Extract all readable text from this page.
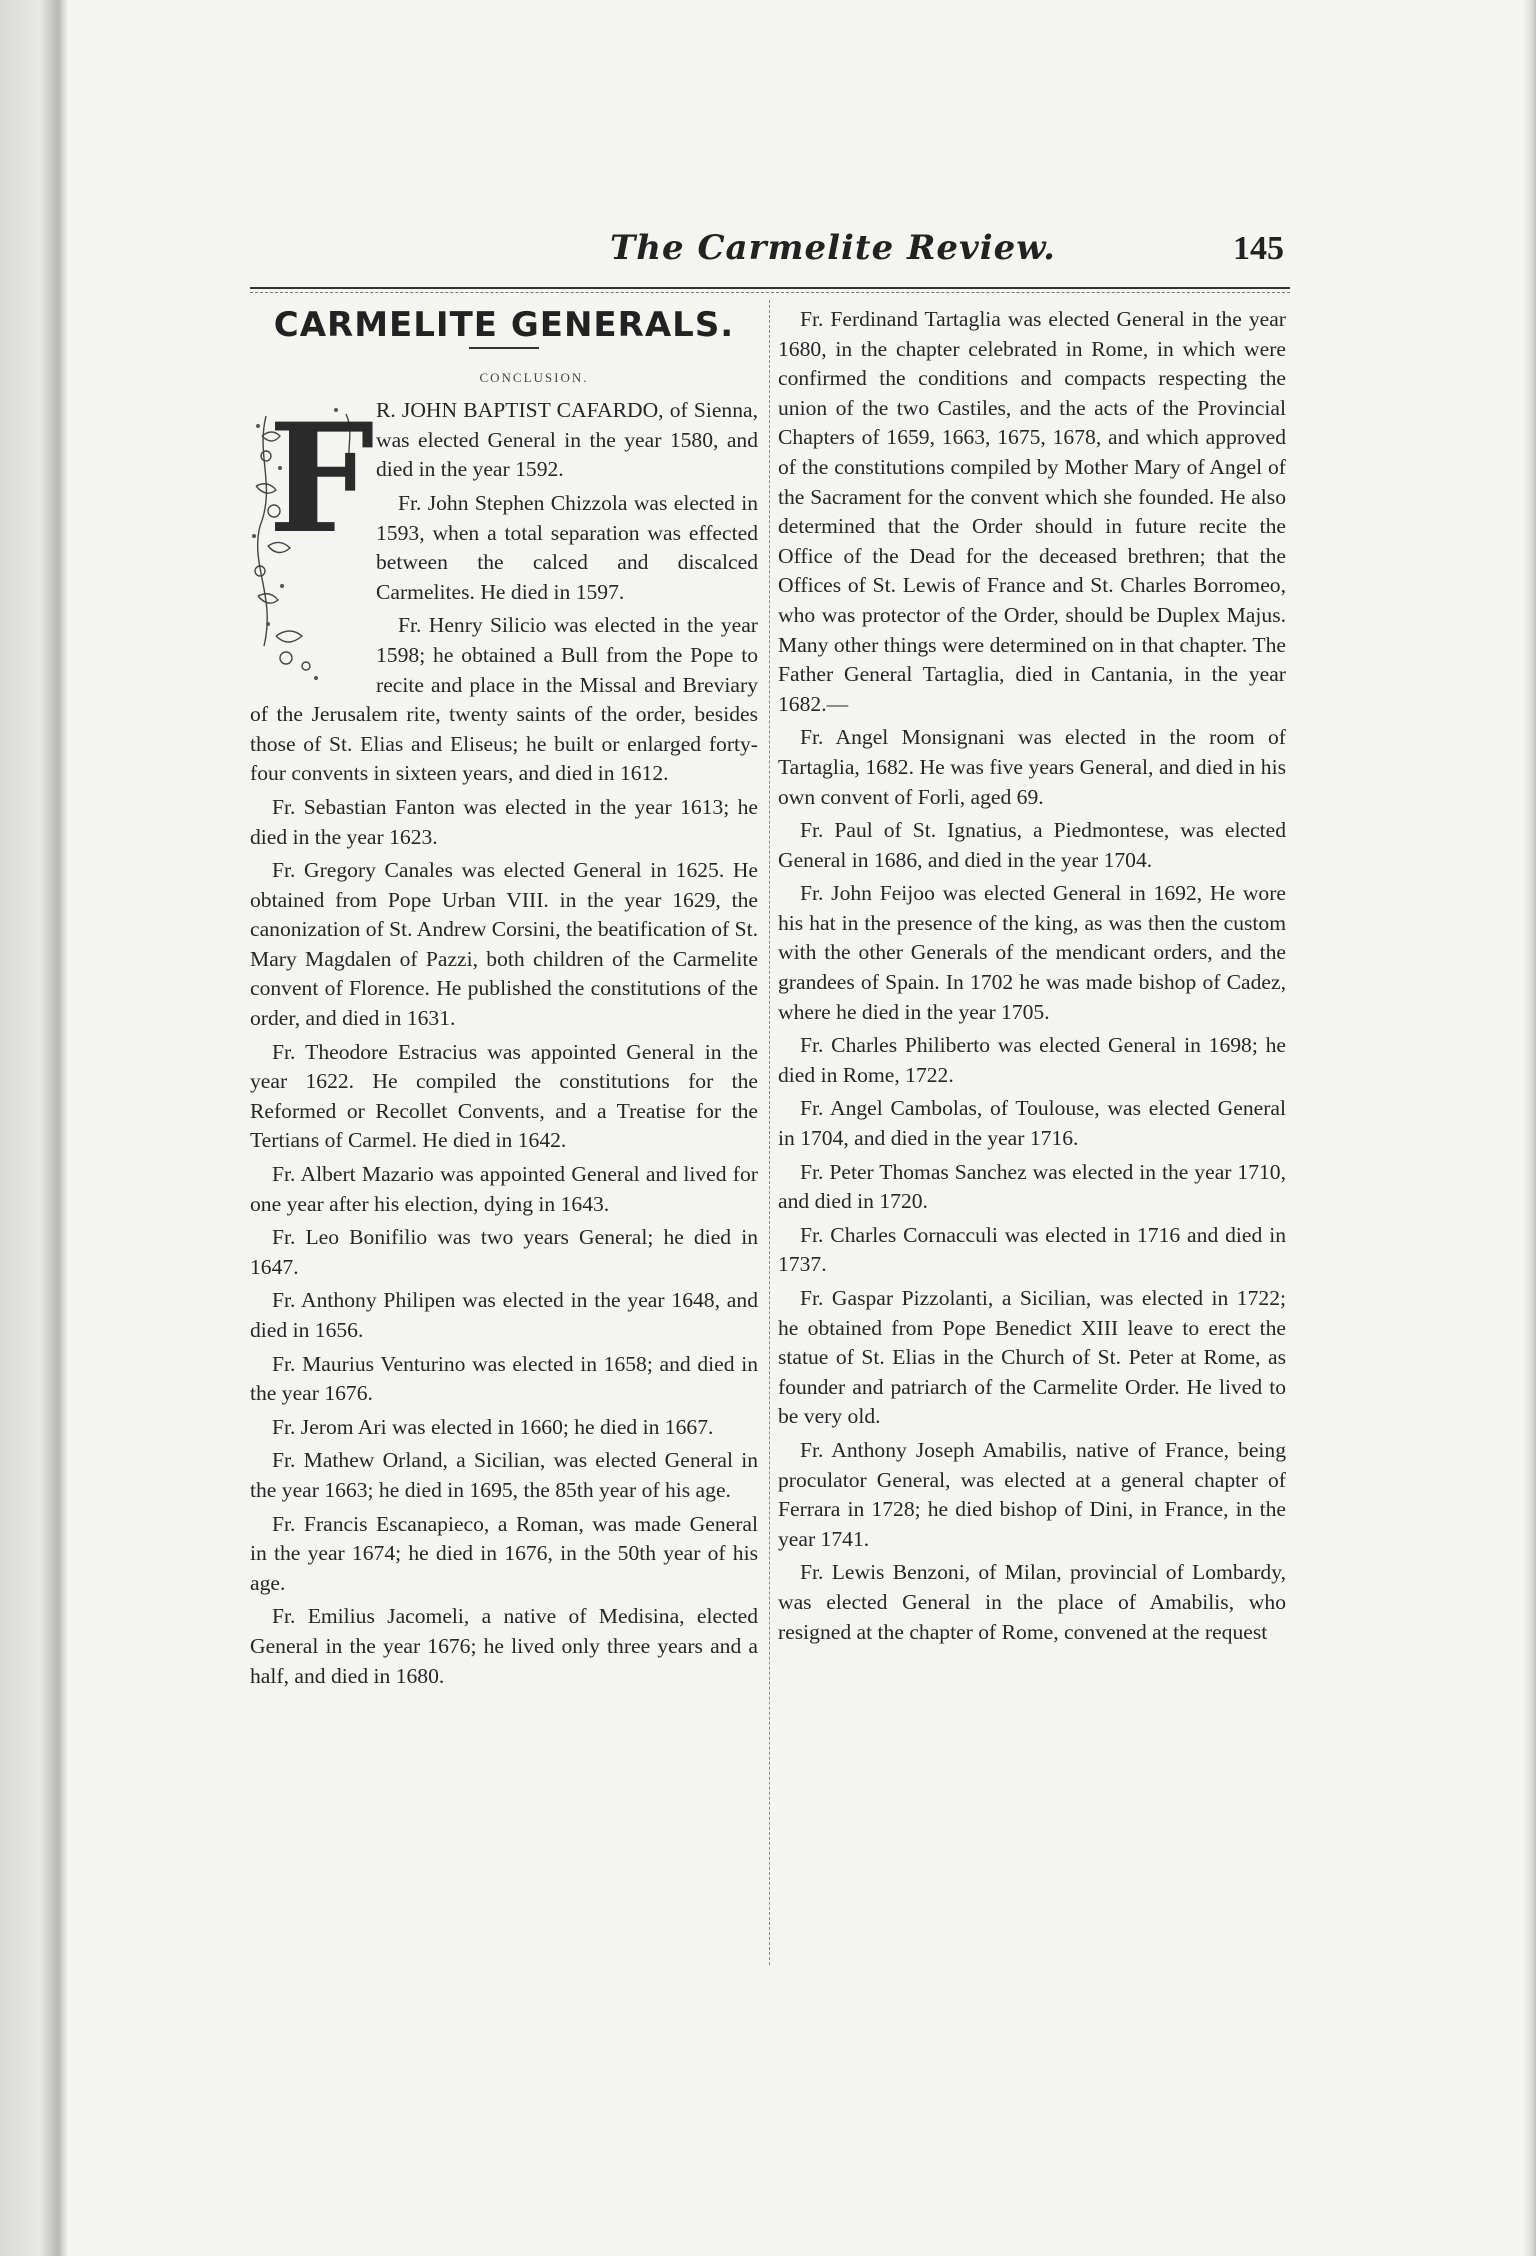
The Carmelite Review.	145
CARMELITE GENERALS.
CONCLUSION.
F R. JOHN BAPTIST CAFARDO, of Sienna, was elected General in the year 1580, and died in the year 1592.

Fr. John Stephen Chizzola was elected in 1593, when a total separation was effected between the calced and discalced Carmelites. He died in 1597.

Fr. Henry Silicio was elected in the year 1598; he obtained a Bull from the Pope to recite and place in the Missal and Breviary of the Jerusalem rite, twenty saints of the order, besides those of St. Elias and Eliseus; he built or enlarged forty-four convents in sixteen years, and died in 1612.

Fr. Sebastian Fanton was elected in the year 1613; he died in the year 1623.

Fr. Gregory Canales was elected General in 1625. He obtained from Pope Urban VIII. in the year 1629, the canonization of St. Andrew Corsini, the beatification of St. Mary Magdalen of Pazzi, both children of the Carmelite convent of Florence. He published the constitutions of the order, and died in 1631.

Fr. Theodore Estracius was appointed General in the year 1622. He compiled the constitutions for the Reformed or Recollet Convents, and a Treatise for the Tertians of Carmel. He died in 1642.

Fr. Albert Mazario was appointed General and lived for one year after his election, dying in 1643.

Fr. Leo Bonifilio was two years General; he died in 1647.

Fr. Anthony Philipen was elected in the year 1648, and died in 1656.

Fr. Maurius Venturino was elected in 1658; and died in the year 1676.

Fr. Jerom Ari was elected in 1660; he died in 1667.

Fr. Mathew Orland, a Sicilian, was elected General in the year 1663; he died in 1695, the 85th year of his age.

Fr. Francis Escanapieco, a Roman, was made General in the year 1674; he died in 1676, in the 50th year of his age.

Fr. Emilius Jacomeli, a native of Medisina, elected General in the year 1676; he lived only three years and a half, and died in 1680.

Fr. Ferdinand Tartaglia was elected General in the year 1680, in the chapter celebrated in Rome, in which were confirmed the conditions and compacts respecting the union of the two Castiles, and the acts of the Provincial Chapters of 1659, 1663, 1675, 1678, and which approved of the constitutions compiled by Mother Mary of Angel of the Sacrament for the convent which she founded. He also determined that the Order should in future recite the Office of the Dead for the deceased brethren; that the Offices of St. Lewis of France and St. Charles Borromeo, who was protector of the Order, should be Duplex Majus. Many other things were determined on in that chapter. The Father General Tartaglia, died in Cantania, in the year 1682.—

Fr. Angel Monsignani was elected in the room of Tartaglia, 1682. He was five years General, and died in his own convent of Forli, aged 69.

Fr. Paul of St. Ignatius, a Piedmontese, was elected General in 1686, and died in the year 1704.

Fr. John Feijoo was elected General in 1692, He wore his hat in the presence of the king, as was then the custom with the other Generals of the mendicant orders, and the grandees of Spain. In 1702 he was made bishop of Cadez, where he died in the year 1705.

Fr. Charles Philiberto was elected General in 1698; he died in Rome, 1722.

Fr. Angel Cambolas, of Toulouse, was elected General in 1704, and died in the year 1716.

Fr. Peter Thomas Sanchez was elected in the year 1710, and died in 1720.

Fr. Charles Cornacculi was elected in 1716 and died in 1737.

Fr. Gaspar Pizzolanti, a Sicilian, was elected in 1722; he obtained from Pope Benedict XIII leave to erect the statue of St. Elias in the Church of St. Peter at Rome, as founder and patriarch of the Carmelite Order. He lived to be very old.

Fr. Anthony Joseph Amabilis, native of France, being proculator General, was elected at a general chapter of Ferrara in 1728; he died bishop of Dini, in France, in the year 1741.

Fr. Lewis Benzoni, of Milan, provincial of Lombardy, was elected General in the place of Amabilis, who resigned at the chapter of Rome, convened at the request
